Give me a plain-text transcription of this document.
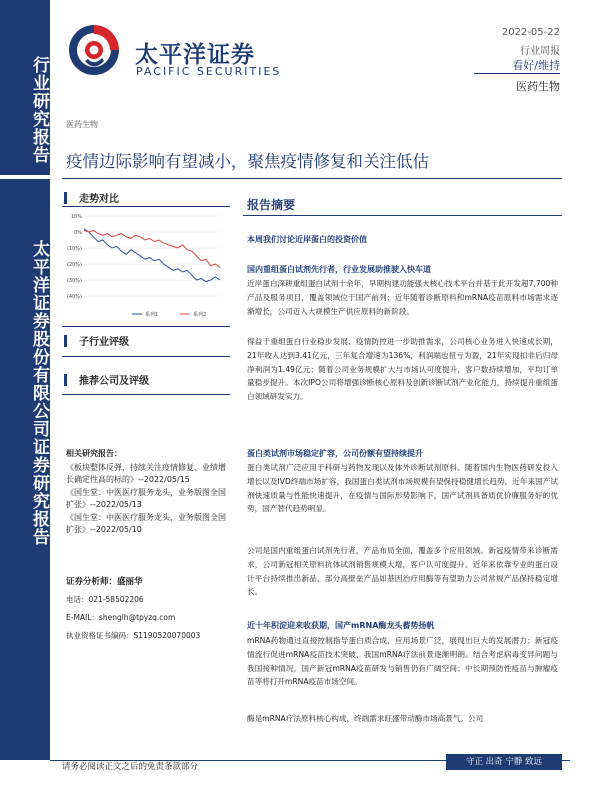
行业研究报告
太平洋证券股份有限公司证券研究报告
太平洋证券
PACIFIC SECURITIES
2022-05-22
行业周报
看好/维持
医药生物
医药生物
疫情边际影响有望减小，聚焦疫情修复和关注低估
走势对比
10%
0%
(10%)
(20%)
(30%)
(40%)
系列1	系列2
子行业评级
推荐公司及评级
相关研究报告：
《板块整体反弹，持续关注疫情修复、业绩增长确定性高的标的》--2022/05/15
《国生堂：中医医疗服务龙头，业务版图全国扩张》--2022/05/13
《国生堂：中医医疗服务龙头，业务版图全国扩张》--2022/05/10
证券分析师：盛丽华
电话：021-58502206
E-MAIL：shenglh@tpyzq.com
执业资格证书编码：S1190520070003
报告摘要
本周我们讨论近岸蛋白的投资价值
国内重组蛋白试剂先行者，行业发展助推驶入快车道
近岸蛋白深耕重组蛋白试剂十余年，早期构建功能强大核心技术平台并基于此开发超7,700种产品及服务项目，覆盖领域位于国产前列；近年随着诊断原料和mRNA疫苗原料市场需求逐渐增长，公司迈入大规模生产供应原料的新阶段。
得益于重组蛋白行业稳步发展、疫情防控进一步助推需求，公司核心业务进入快速成长期，21年收入达到3.41亿元，三年复合增速为136%，利润端也扭亏为盈，21年实现扣非后归母净利润为1.49亿元；随着公司业务规模扩大与市场认可度提升，客户数持续增加，平均订单量稳步提升。本次IPO公司将增强诊断核心原料及创新诊断试剂产业化能力，持续提升重组蛋白领域研发实力。
蛋白类试剂市场稳定扩容，公司份额有望持续提升
蛋白类试剂广泛应用于科研与药物发现以及体外诊断试剂原料。随着国内生物医药研发投入增长以及IVD终端市场扩容，我国蛋白类试剂市场规模有望保持稳健增长趋势。近年来国产试剂快速质量与性能快速提升，在疫情与国际形势影响下，国产试剂具备质优价廉服务好的优势，国产替代趋势明显。
公司是国内重组蛋白试剂先行者，产品布局全面，覆盖多个应用领域。新冠疫情带来诊断需求，公司新冠相关原料抗体试剂销售规模大增，客户认可度提升。近年来依靠专业的蛋白设计平台持续推出新品，部分高壁垒产品如基因治疗用酶等有望助力公司常规产品保持稳定增长。
近十年积淀迎来收获期，国产mRNA酶龙头蓄势扬帆
mRNA药物通过直接控制指导蛋白质合成，应用场景广泛，展现出巨大的发展潜力；新冠疫情流行促进mRNA疫苗技术突破，我国mRNA疗法前景逐渐明朗。结合考虑病毒变异问题与我国接种情况，国产新冠mRNA疫苗研发与销售仍有广阔空间；中长期预防性疫苗与肿瘤疫苗等将打开mRNA疫苗市场空间。
酶是mRNA疗法原料核心构成，终端需求旺盛带动酶市场高景气。公司
请务必阅读正文之后的免责条款部分	守正 出奇 宁静 致远
